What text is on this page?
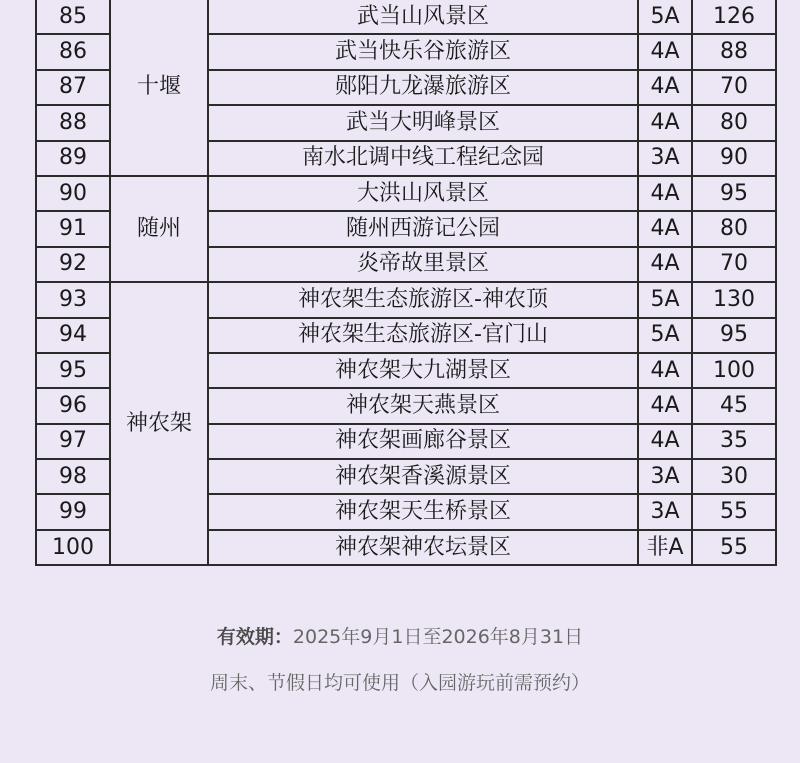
85	十堰	武当山风景区	5A	126
86		武当快乐谷旅游区	4A	88
87		郧阳九龙瀑旅游区	4A	70
88		武当大明峰景区	4A	80
89		南水北调中线工程纪念园	3A	90
90	随州	大洪山风景区	4A	95
91		随州西游记公园	4A	80
92		炎帝故里景区	4A	70
93	神农架	神农架生态旅游区-神农顶	5A	130
94		神农架生态旅游区-官门山	5A	95
95		神农架大九湖景区	4A	100
96		神农架天燕景区	4A	45
97		神农架画廊谷景区	4A	35
98		神农架香溪源景区	3A	30
99		神农架天生桥景区	3A	55
100		神农架神农坛景区	非A	55
有效期：2025年9月1日至2026年8月31日
周末、节假日均可使用（入园游玩前需预约）
